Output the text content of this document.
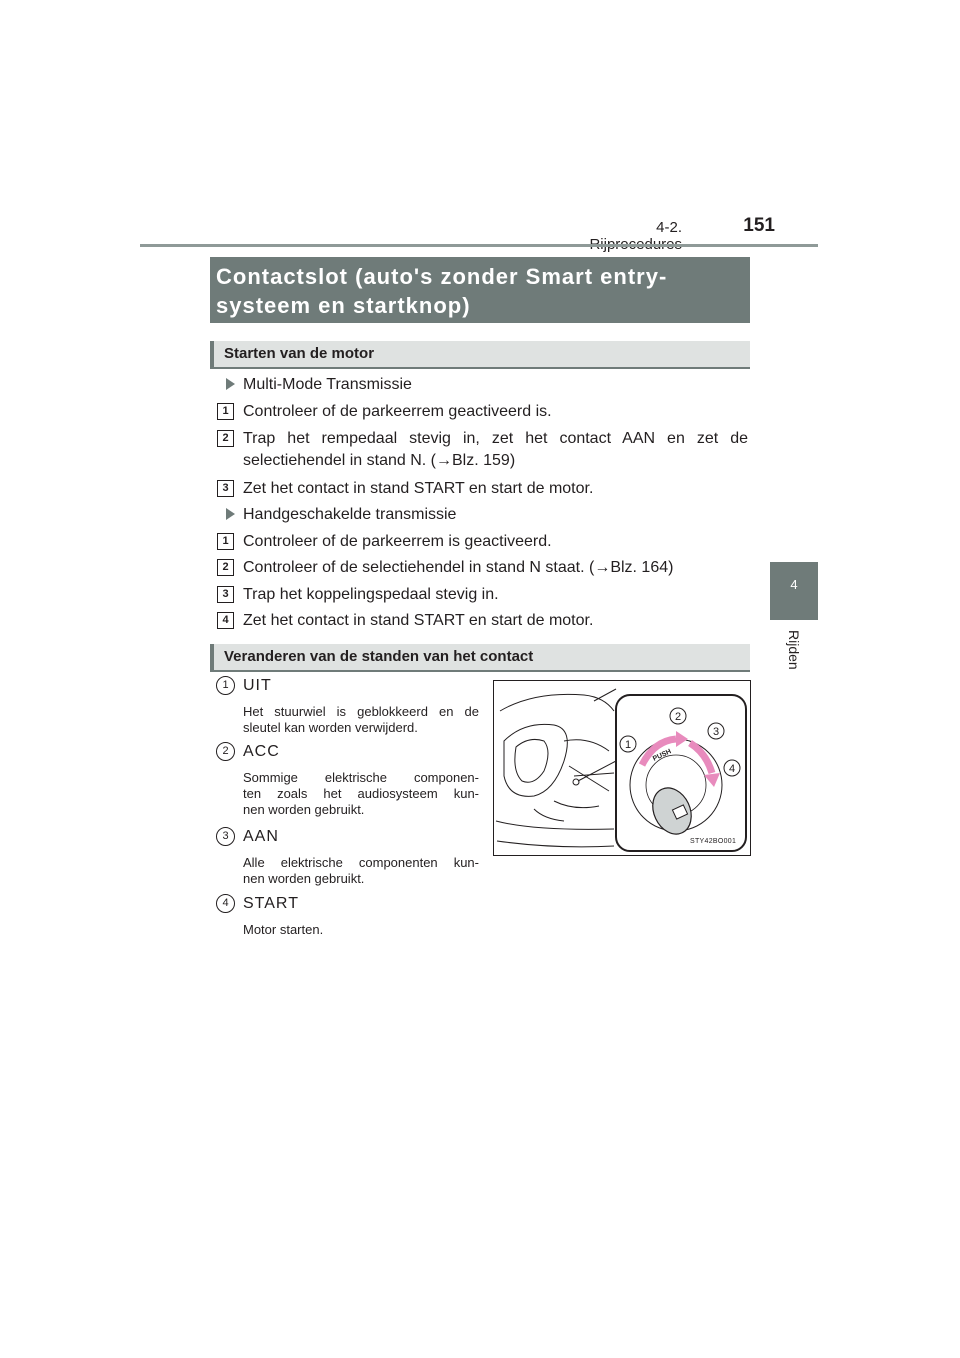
4-2.	151
4
Rijden
Contactslot (auto's zonder Smart entry-
systeem en startknop)
Starten van de motor
Multi-Mode Transmissie
1 Controleer of de parkeerrem geactiveerd is.
2 Trap het rempedaal stevig in, zet het contact AAN en zet de
selectiehendel in stand N. (→Blz. 159)
3 Zet het contact in stand START en start de motor.
Handgeschakelde transmissie
1 Controleer of de parkeerrem is geactiveerd.
2 Controleer of de selectiehendel in stand N staat. (→Blz. 164)
3 Trap het koppelingspedaal stevig in.
4 Zet het contact in stand START en start de motor.
Veranderen van de standen van het contact
1 UIT
Het stuurwiel is geblokkeerd en de
sleutel kan worden verwijderd.
2 ACC
Sommige elektrische componen-
ten zoals het audiosysteem kun-
nen worden gebruikt.
3 AAN
Alle elektrische componenten kun-
nen worden gebruikt.
4 START
Motor starten.
PUSH
1
2
3
4
STY42BO001
